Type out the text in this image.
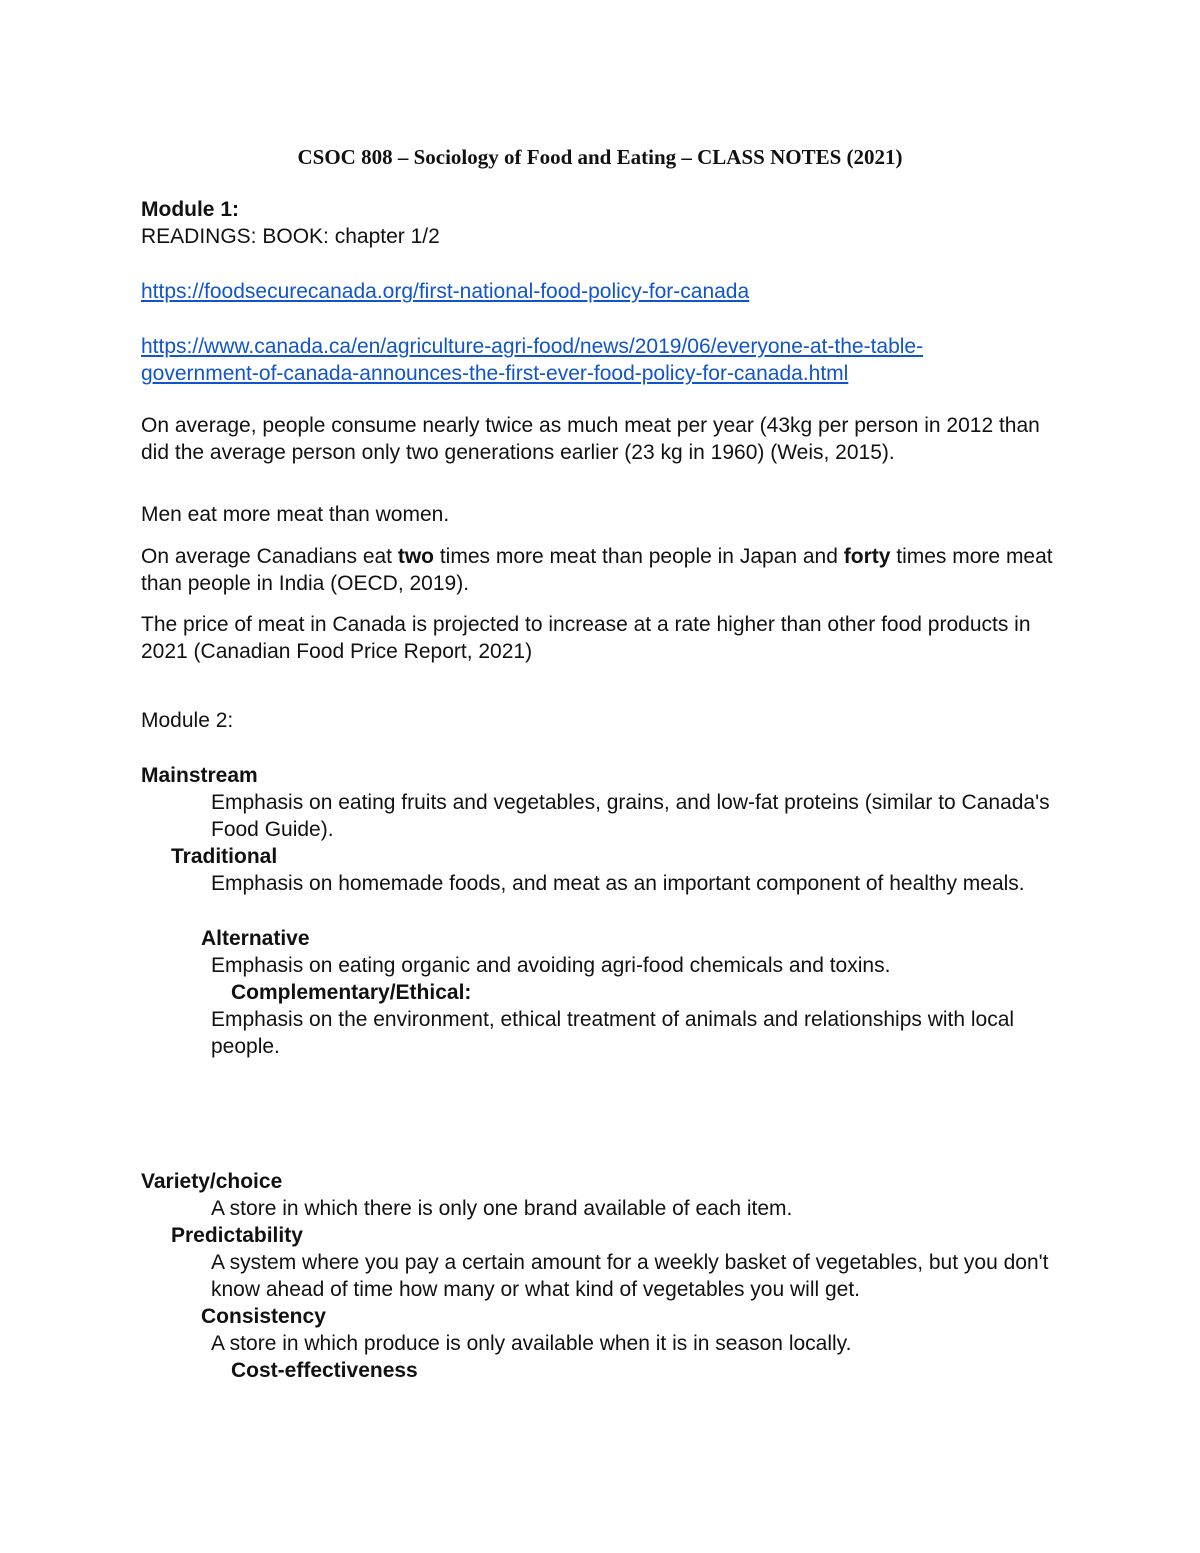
CSOC 808 – Sociology of Food and Eating – CLASS NOTES (2021)
Module 1:
READINGS: BOOK: chapter 1/2
https://foodsecurecanada.org/first-national-food-policy-for-canada
https://www.canada.ca/en/agriculture-agri-food/news/2019/06/everyone-at-the-table-
government-of-canada-announces-the-first-ever-food-policy-for-canada.html

On average, people consume nearly twice as much meat per year (43kg per person in 2012 than did the average person only two generations earlier (23 kg in 1960) (Weis, 2015).

Men eat more meat than women.

On average Canadians eat two times more meat than people in Japan and forty times more meat than people in India (OECD, 2019).

The price of meat in Canada is projected to increase at a rate higher than other food products in 2021 (Canadian Food Price Report, 2021)

Module 2:
Mainstream
Emphasis on eating fruits and vegetables, grains, and low-fat proteins (similar to Canada's Food Guide).
Traditional
Emphasis on homemade foods, and meat as an important component of healthy meals.
Alternative
Emphasis on eating organic and avoiding agri-food chemicals and toxins.
Complementary/Ethical:
Emphasis on the environment, ethical treatment of animals and relationships with local people.
Variety/choice
A store in which there is only one brand available of each item.
Predictability
A system where you pay a certain amount for a weekly basket of vegetables, but you don't know ahead of time how many or what kind of vegetables you will get.
Consistency
A store in which produce is only available when it is in season locally.
Cost-effectiveness
